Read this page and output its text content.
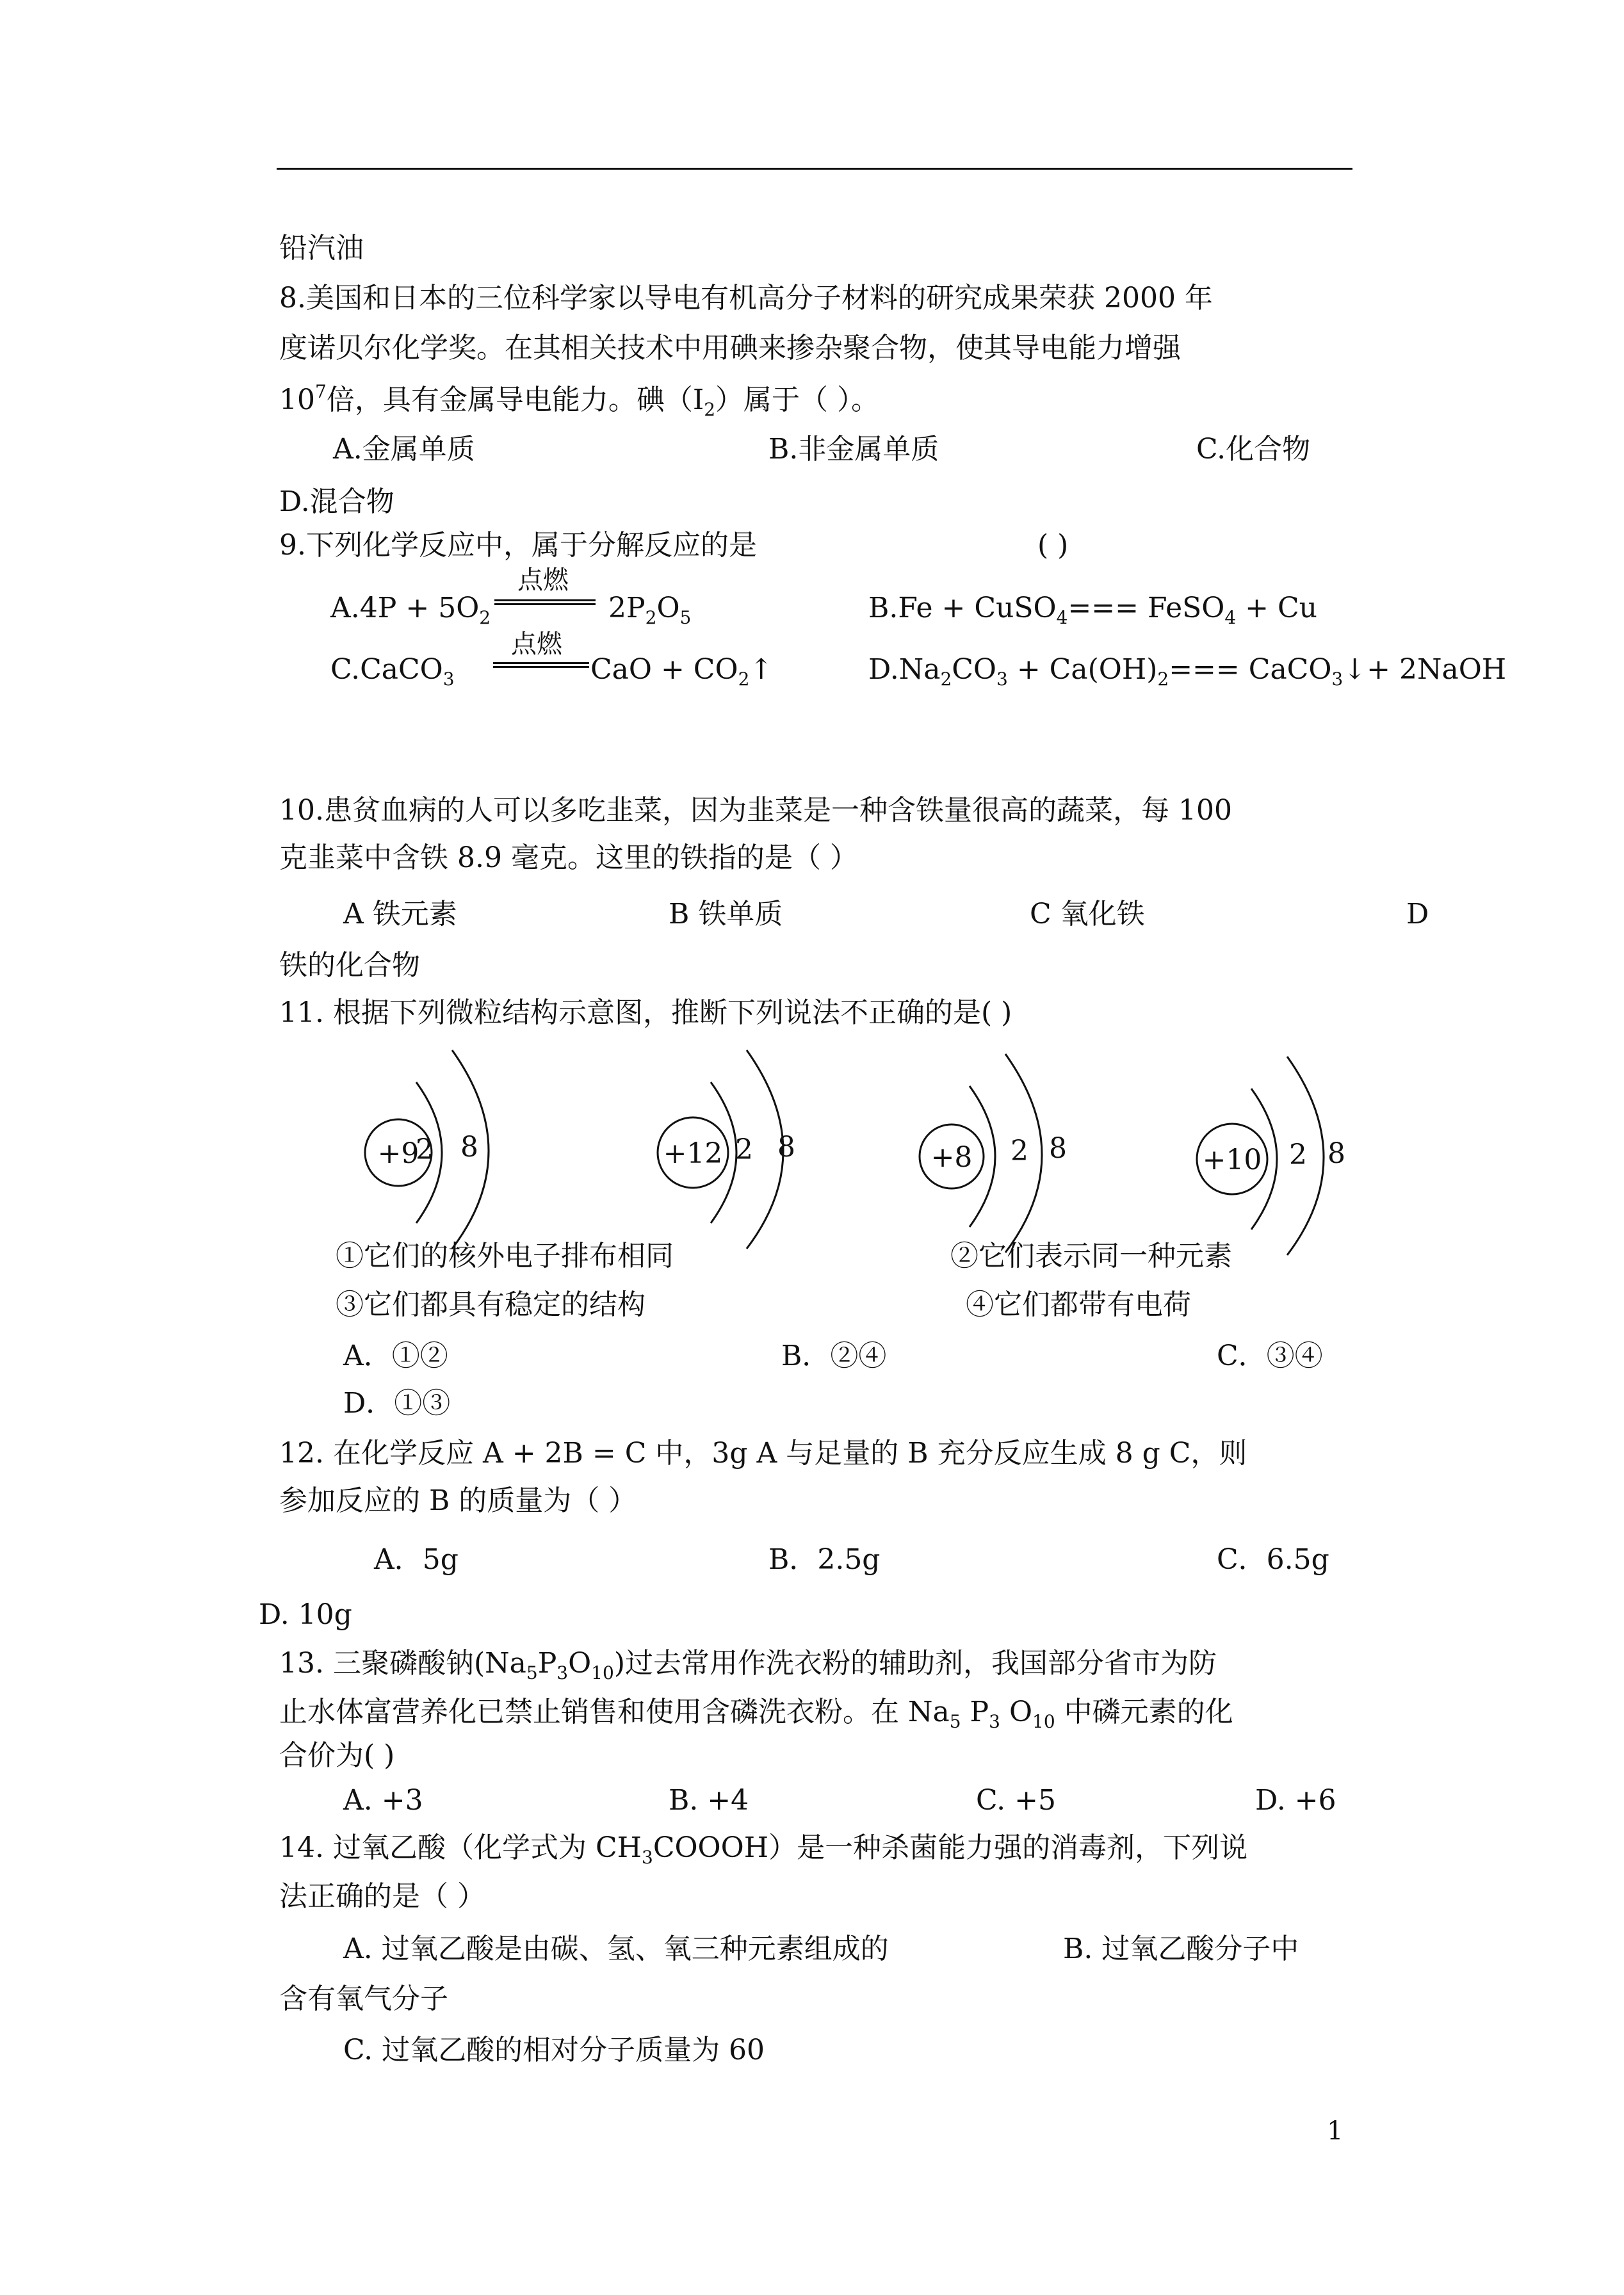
铅汽油
8.美国和日本的三位科学家以导电有机高分子材料的研究成果荣获 2000 年
度诺贝尔化学奖。在其相关技术中用碘来掺杂聚合物，使其导电能力增强
$10^7$倍，具有金属导电能力。碘$(I_2)$属于（ ）。
A.金属单质	B.非金属单质	C.化合物
D.混合物
9.下列化学反应中，属于分解反应的是	( )
$A.4P + 5O_2$
点燃
$2P_2O_5$	B.Fe + CuSO$_4$=== FeSO$_4$ + Cu
C.CaCO$_3$
点燃
CaO + $CO_2↑$	$D.Na_2CO_3 + Ca(OH)_2===$ CaCO$_3$↓+ 2NaOH
10.患贫血病的人可以多吃韭菜，因为韭菜是一种含铁量很高的蔬菜，每 100
克韭菜中含铁 8.9 毫克。这里的铁指的是（ ）
A 铁元素	B 铁单质	C 氧化铁	D
铁的化合物
11. 根据下列微粒结构示意图，推断下列说法不正确的是( )
+9
2 8	+12 2 8	+8 2 8	+10 2 8
①它们的核外电子排布相同	②它们表示同一种元素
③它们都具有稳定的结构	④它们都带有电荷
A．①②	B．②④	C．③④
D．①③
12. 在化学反应 A + 2B = C 中，3g A 与足量的 B 充分反应生成 8 g C，则
参加反应的 B 的质量为（ ）
A．5g	B．2.5g	C．6.5g
D. 10g
13. 三聚磷酸钠$(Na_5P_3O_{10})$过去常用作洗衣粉的辅助剂，我国部分省市为防
止水体富营养化已禁止销售和使用含磷洗衣粉。在 $Na_5$ $P_3$ $O_{10}$ 中磷元素的化
合价为( )
A. +3	B. +4	C. +5	D. +6
14. 过氧乙酸（化学式为 $CH_3COOOH$）是一种杀菌能力强的消毒剂，下列说
法正确的是（ ）
A. 过氧乙酸是由碳、氢、氧三种元素组成的	B. 过氧乙酸分子中
含有氧气分子
C. 过氧乙酸的相对分子质量为 60
1
